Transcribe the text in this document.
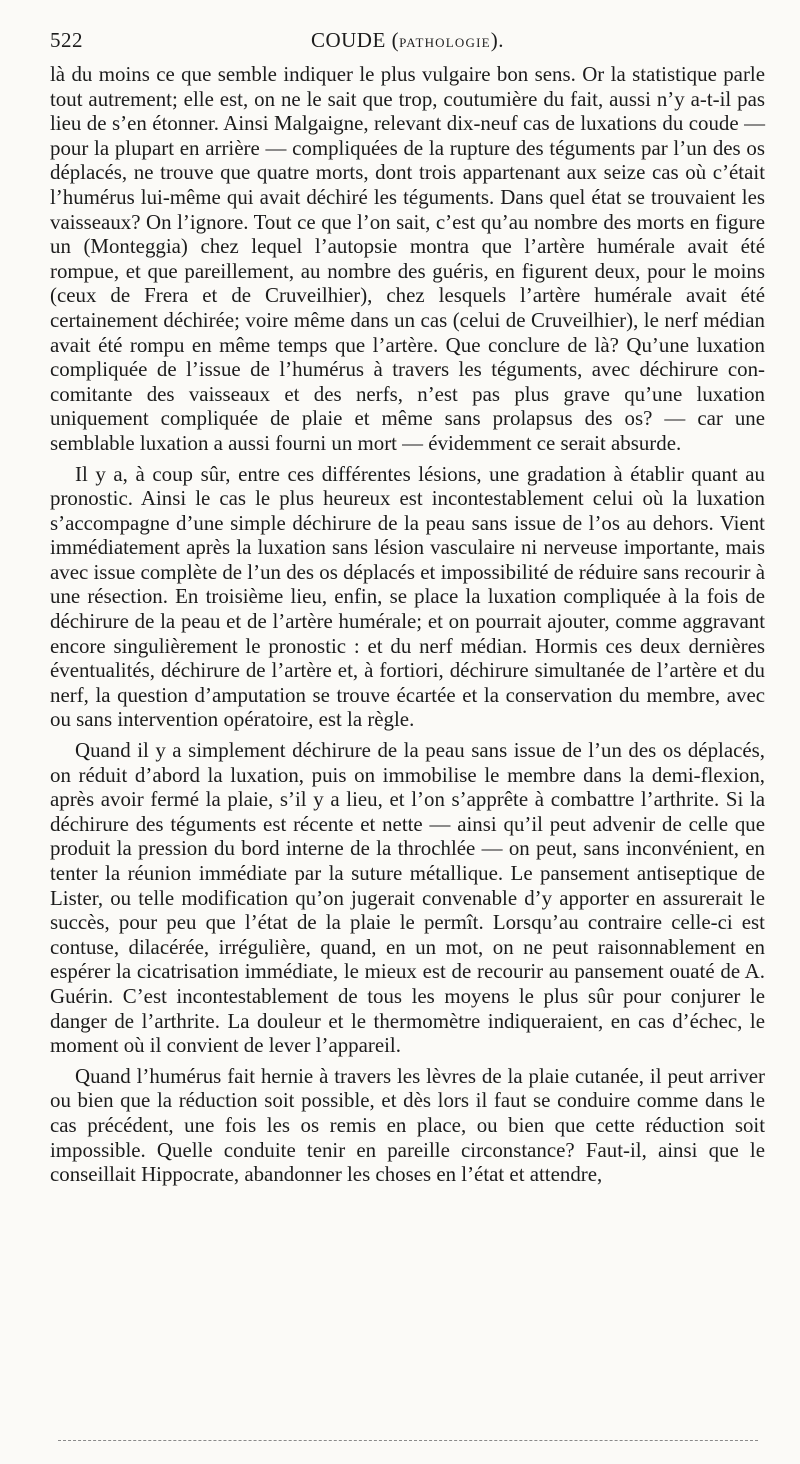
522	COUDE (PATHOLOGIE).

là du moins ce que semble indiquer le plus vulgaire bon sens. Or la statistique parle tout autrement; elle est, on ne le sait que trop, coutumière du fait, aussi n’y a-t-il pas lieu de s’en étonner. Ainsi Malgaigne, relevant dix-neuf cas de luxations du coude — pour la plupart en arrière — compliquées de la rupture des téguments par l’un des os déplacés, ne trouve que quatre morts, dont trois appartenant aux seize cas où c’était l’humérus lui-même qui avait déchiré les téguments. Dans quel état se trouvaient les vaisseaux? On l’ignore. Tout ce que l’on sait, c’est qu’au nombre des morts en figure un (Monteggia) chez lequel l’autopsie montra que l’artère humérale avait été rompue, et que pareillement, au nombre des guéris, en figurent deux, pour le moins (ceux de Frera et de Cruveilhier), chez lesquels l’artère humérale avait été certainement déchirée; voire même dans un cas (celui de Cruveilhier), le nerf médian avait été rompu en même temps que l’artère. Que conclure de là? Qu’une luxation compliquée de l’issue de l’humérus à travers les téguments, avec déchirure concomitante des vaisseaux et des nerfs, n’est pas plus grave qu’une luxation uniquement compliquée de plaie et même sans prolapsus des os? — car une semblable luxation a aussi fourni un mort — évidemment ce serait absurde.

Il y a, à coup sûr, entre ces différentes lésions, une gradation à établir quant au pronostic. Ainsi le cas le plus heureux est incontestablement celui où la luxation s’accompagne d’une simple déchirure de la peau sans issue de l’os au dehors. Vient immédiatement après la luxation sans lésion vasculaire ni nerveuse importante, mais avec issue complète de l’un des os déplacés et impossibilité de réduire sans recourir à une résection. En troisième lieu, enfin, se place la luxation compliquée à la fois de déchirure de la peau et de l’artère humérale; et on pourrait ajouter, comme aggravant encore singulièrement le pronostic : et du nerf médian. Hormis ces deux dernières éventualités, déchirure de l’artère et, à fortiori, déchirure simultanée de l’artère et du nerf, la question d’amputation se trouve écartée et la conservation du membre, avec ou sans intervention opératoire, est la règle.

Quand il y a simplement déchirure de la peau sans issue de l’un des os déplacés, on réduit d’abord la luxation, puis on immobilise le membre dans la demi-flexion, après avoir fermé la plaie, s’il y a lieu, et l’on s’apprête à combattre l’arthrite. Si la déchirure des téguments est récente et nette — ainsi qu’il peut advenir de celle que produit la pression du bord interne de la throchlée — on peut, sans inconvénient, en tenter la réunion immédiate par la suture métallique. Le pansement antiseptique de Lister, ou telle modification qu’on jugerait convenable d’y apporter en assurerait le succès, pour peu que l’état de la plaie le permît. Lorsqu’au contraire celle-ci est contuse, dilacérée, irrégulière, quand, en un mot, on ne peut raisonnablement en espérer la cicatrisation immédiate, le mieux est de recourir au pansement ouaté de A. Guérin. C’est incontestablement de tous les moyens le plus sûr pour conjurer le danger de l’arthrite. La douleur et le thermomètre indiqueraient, en cas d’échec, le moment où il convient de lever l’appareil.

Quand l’humérus fait hernie à travers les lèvres de la plaie cutanée, il peut arriver ou bien que la réduction soit possible, et dès lors il faut se conduire comme dans le cas précédent, une fois les os remis en place, ou bien que cette réduction soit impossible. Quelle conduite tenir en pareille circonstance? Faut-il, ainsi que le conseillait Hippocrate, abandonner les choses en l’état et attendre,
